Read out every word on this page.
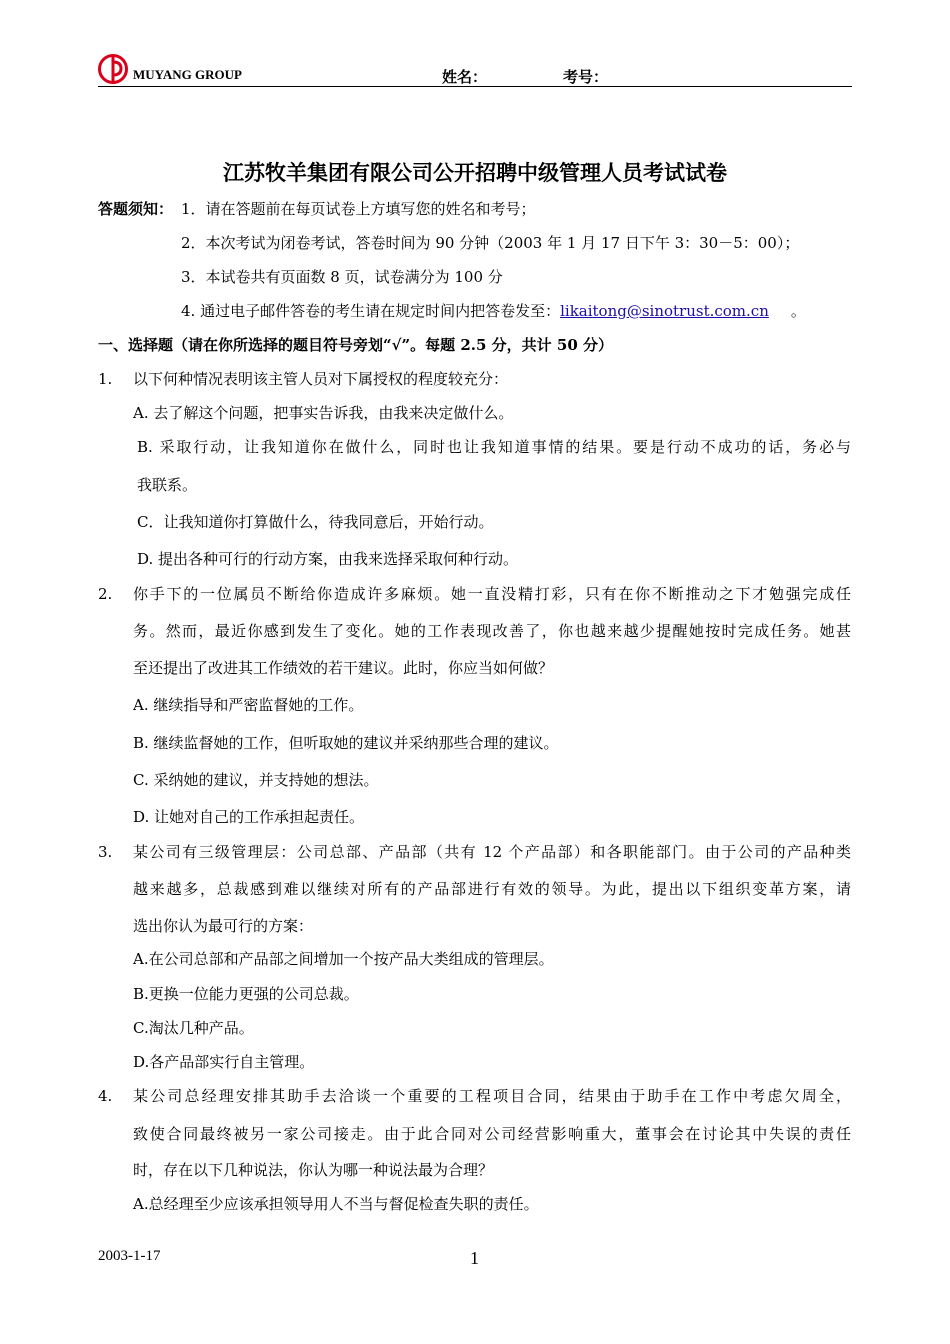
MUYANG GROUP	姓名：	考号：
江苏牧羊集团有限公司公开招聘中级管理人员考试试卷
答题须知： 1．请在答题前在每页试卷上方填写您的姓名和考号；
2．本次考试为闭卷考试，答卷时间为 90 分钟（2003 年 1 月 17 日下午 3：30－5：00）；
3．本试卷共有页面数 8 页，试卷满分为 100 分
4. 通过电子邮件答卷的考生请在规定时间内把答卷发至：likaitong@sinotrust.com.cn 。
一、选择题（请在你所选择的题目符号旁划“√”。每题 2.5 分，共计 50 分）
1. 以下何种情况表明该主管人员对下属授权的程度较充分：
A. 去了解这个问题，把事实告诉我，由我来决定做什么。
B. 采取行动，让我知道你在做什么，同时也让我知道事情的结果。要是行动不成功的话，务必与
我联系。
C．让我知道你打算做什么，待我同意后，开始行动。
D. 提出各种可行的行动方案，由我来选择采取何种行动。
2. 你手下的一位属员不断给你造成许多麻烦。她一直没精打彩，只有在你不断推动之下才勉强完成任
务。然而，最近你感到发生了变化。她的工作表现改善了，你也越来越少提醒她按时完成任务。她甚
至还提出了改进其工作绩效的若干建议。此时，你应当如何做？
A. 继续指导和严密监督她的工作。
B. 继续监督她的工作，但听取她的建议并采纳那些合理的建议。
C. 采纳她的建议，并支持她的想法。
D. 让她对自己的工作承担起责任。
3. 某公司有三级管理层：公司总部、产品部（共有 12 个产品部）和各职能部门。由于公司的产品种类
越来越多，总裁感到难以继续对所有的产品部进行有效的领导。为此，提出以下组织变革方案，请
选出你认为最可行的方案：
A.在公司总部和产品部之间增加一个按产品大类组成的管理层。
B.更换一位能力更强的公司总裁。
C.淘汰几种产品。
D.各产品部实行自主管理。
4. 某公司总经理安排其助手去洽谈一个重要的工程项目合同，结果由于助手在工作中考虑欠周全，
致使合同最终被另一家公司接走。由于此合同对公司经营影响重大，董事会在讨论其中失误的责任
时，存在以下几种说法，你认为哪一种说法最为合理？
A.总经理至少应该承担领导用人不当与督促检查失职的责任。
2003-1-17	1
